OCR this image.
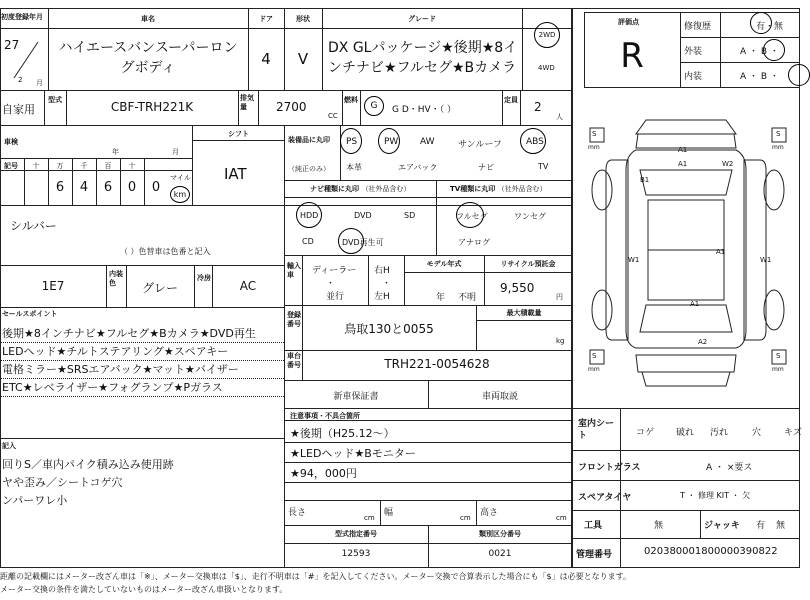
初度登録年月
27
2 月
車名
ハイエースバンスーパーロングボディ
ドア
4
形状
V
グレード
DX GLパッケージ★後期★8インチナビ★フルセグ★Bカメラ
2WD
4WD
自家用
型式	CBF-TRH221K
排気量	2700
CC
燃料
G G D・HV・（ ）
定員 2
人
車検
年	月
シフト
IAT
記号	十	万	千	百	十
6	4	6	0	0
マイル
km
シルバー
（ ）色替車は色番と記入
1E7
内装色	グレー
冷房
AC
セールスポイント
後期★8インチナビ★フルセグ★Bカメラ★DVD再生
LEDヘッド★チルトステアリング★スペアキー
電格ミラー★SRSエアバック★マット★バイザー
ETC★レベライザー★フォグランプ★Pガラス
記入
回りS／車内パイク積み込み使用跡
ヤや歪み／シートコゲ穴
ンパーワレ小
装備品に丸印
（純正のみ）
PS	PW AW	サンルーフ	ABS
本革	エアバック	ナビ	TV
ナビ種類に丸印 （社外品含む）	TV種類に丸印 （社外品含む）
HDD	DVD	SD
CD	DVD再生可
フルセグ	ワンセグ
アナログ
輸入車	ディーラー
・
並行
右H
・
左H
モデル年式
年 不明
リサイクル預託金
9,550
円
登録番号	鳥取130と0055
最大積載量
kg
車台番号	TRH221-0054628
新車保証書	車両取説
注意事項・不具合箇所
★後期（H25.12～）
★LEDヘッド★Bモニター
★94，000円
長さ	cm 幅	cm 高さ	cm
型式指定番号
12593
類別区分番号
0021
評価点
R
修復歴	有・無
外装	A ・ B ・
内装	A ・ B ・
A1
A1	W2
B1
A1
W1	W1
A1
A2
S
mm
S
mm
S
mm
S
mm
室内シート	コゲ 破れ 汚れ	穴	キズ
フロントガラス	A ・ ×要ス
スペアタイヤ	T ・ 修理 KIT ・ 欠
工具	無	ジャッキ 有 無
管理番号	020380001800000390822
距離の記載欄にはメーター改ざん車は「※」、メーター交換車は「$」、走行不明車は「#」を記入してください。メーター交換で合算表示した場合にも「$」は必要となります。
メーター交換の条件を満たしていないものはメーター改ざん車扱いとなります。
